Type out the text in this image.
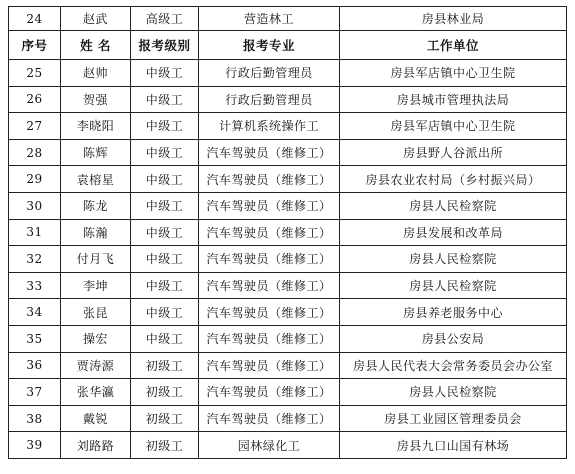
24	赵武	高级工	营造林工	房县林业局
序号	姓 名	报考级别	报考专业	工作单位
25	赵帅	中级工	行政后勤管理员	房县军店镇中心卫生院
26	贺强	中级工	行政后勤管理员	房县城市管理执法局
27	李晓阳	中级工	计算机系统操作工	房县军店镇中心卫生院
28	陈辉	中级工	汽车驾驶员（维修工）	房县野人谷派出所
29	袁榕星	中级工	汽车驾驶员（维修工）	房县农业农村局（乡村振兴局）
30	陈龙	中级工	汽车驾驶员（维修工）	房县人民检察院
31	陈瀚	中级工	汽车驾驶员（维修工）	房县发展和改革局
32	付月飞	中级工	汽车驾驶员（维修工）	房县人民检察院
33	李坤	中级工	汽车驾驶员（维修工）	房县人民检察院
34	张昆	中级工	汽车驾驶员（维修工）	房县养老服务中心
35	操宏	中级工	汽车驾驶员（维修工）	房县公安局
36	贾涛源	初级工	汽车驾驶员（维修工）	房县人民代表大会常务委员会办公室
37	张华瀛	初级工	汽车驾驶员（维修工）	房县人民检察院
38	戴锐	初级工	汽车驾驶员（维修工）	房县工业园区管理委员会
39	刘路路	初级工	园林绿化工	房县九口山国有林场
